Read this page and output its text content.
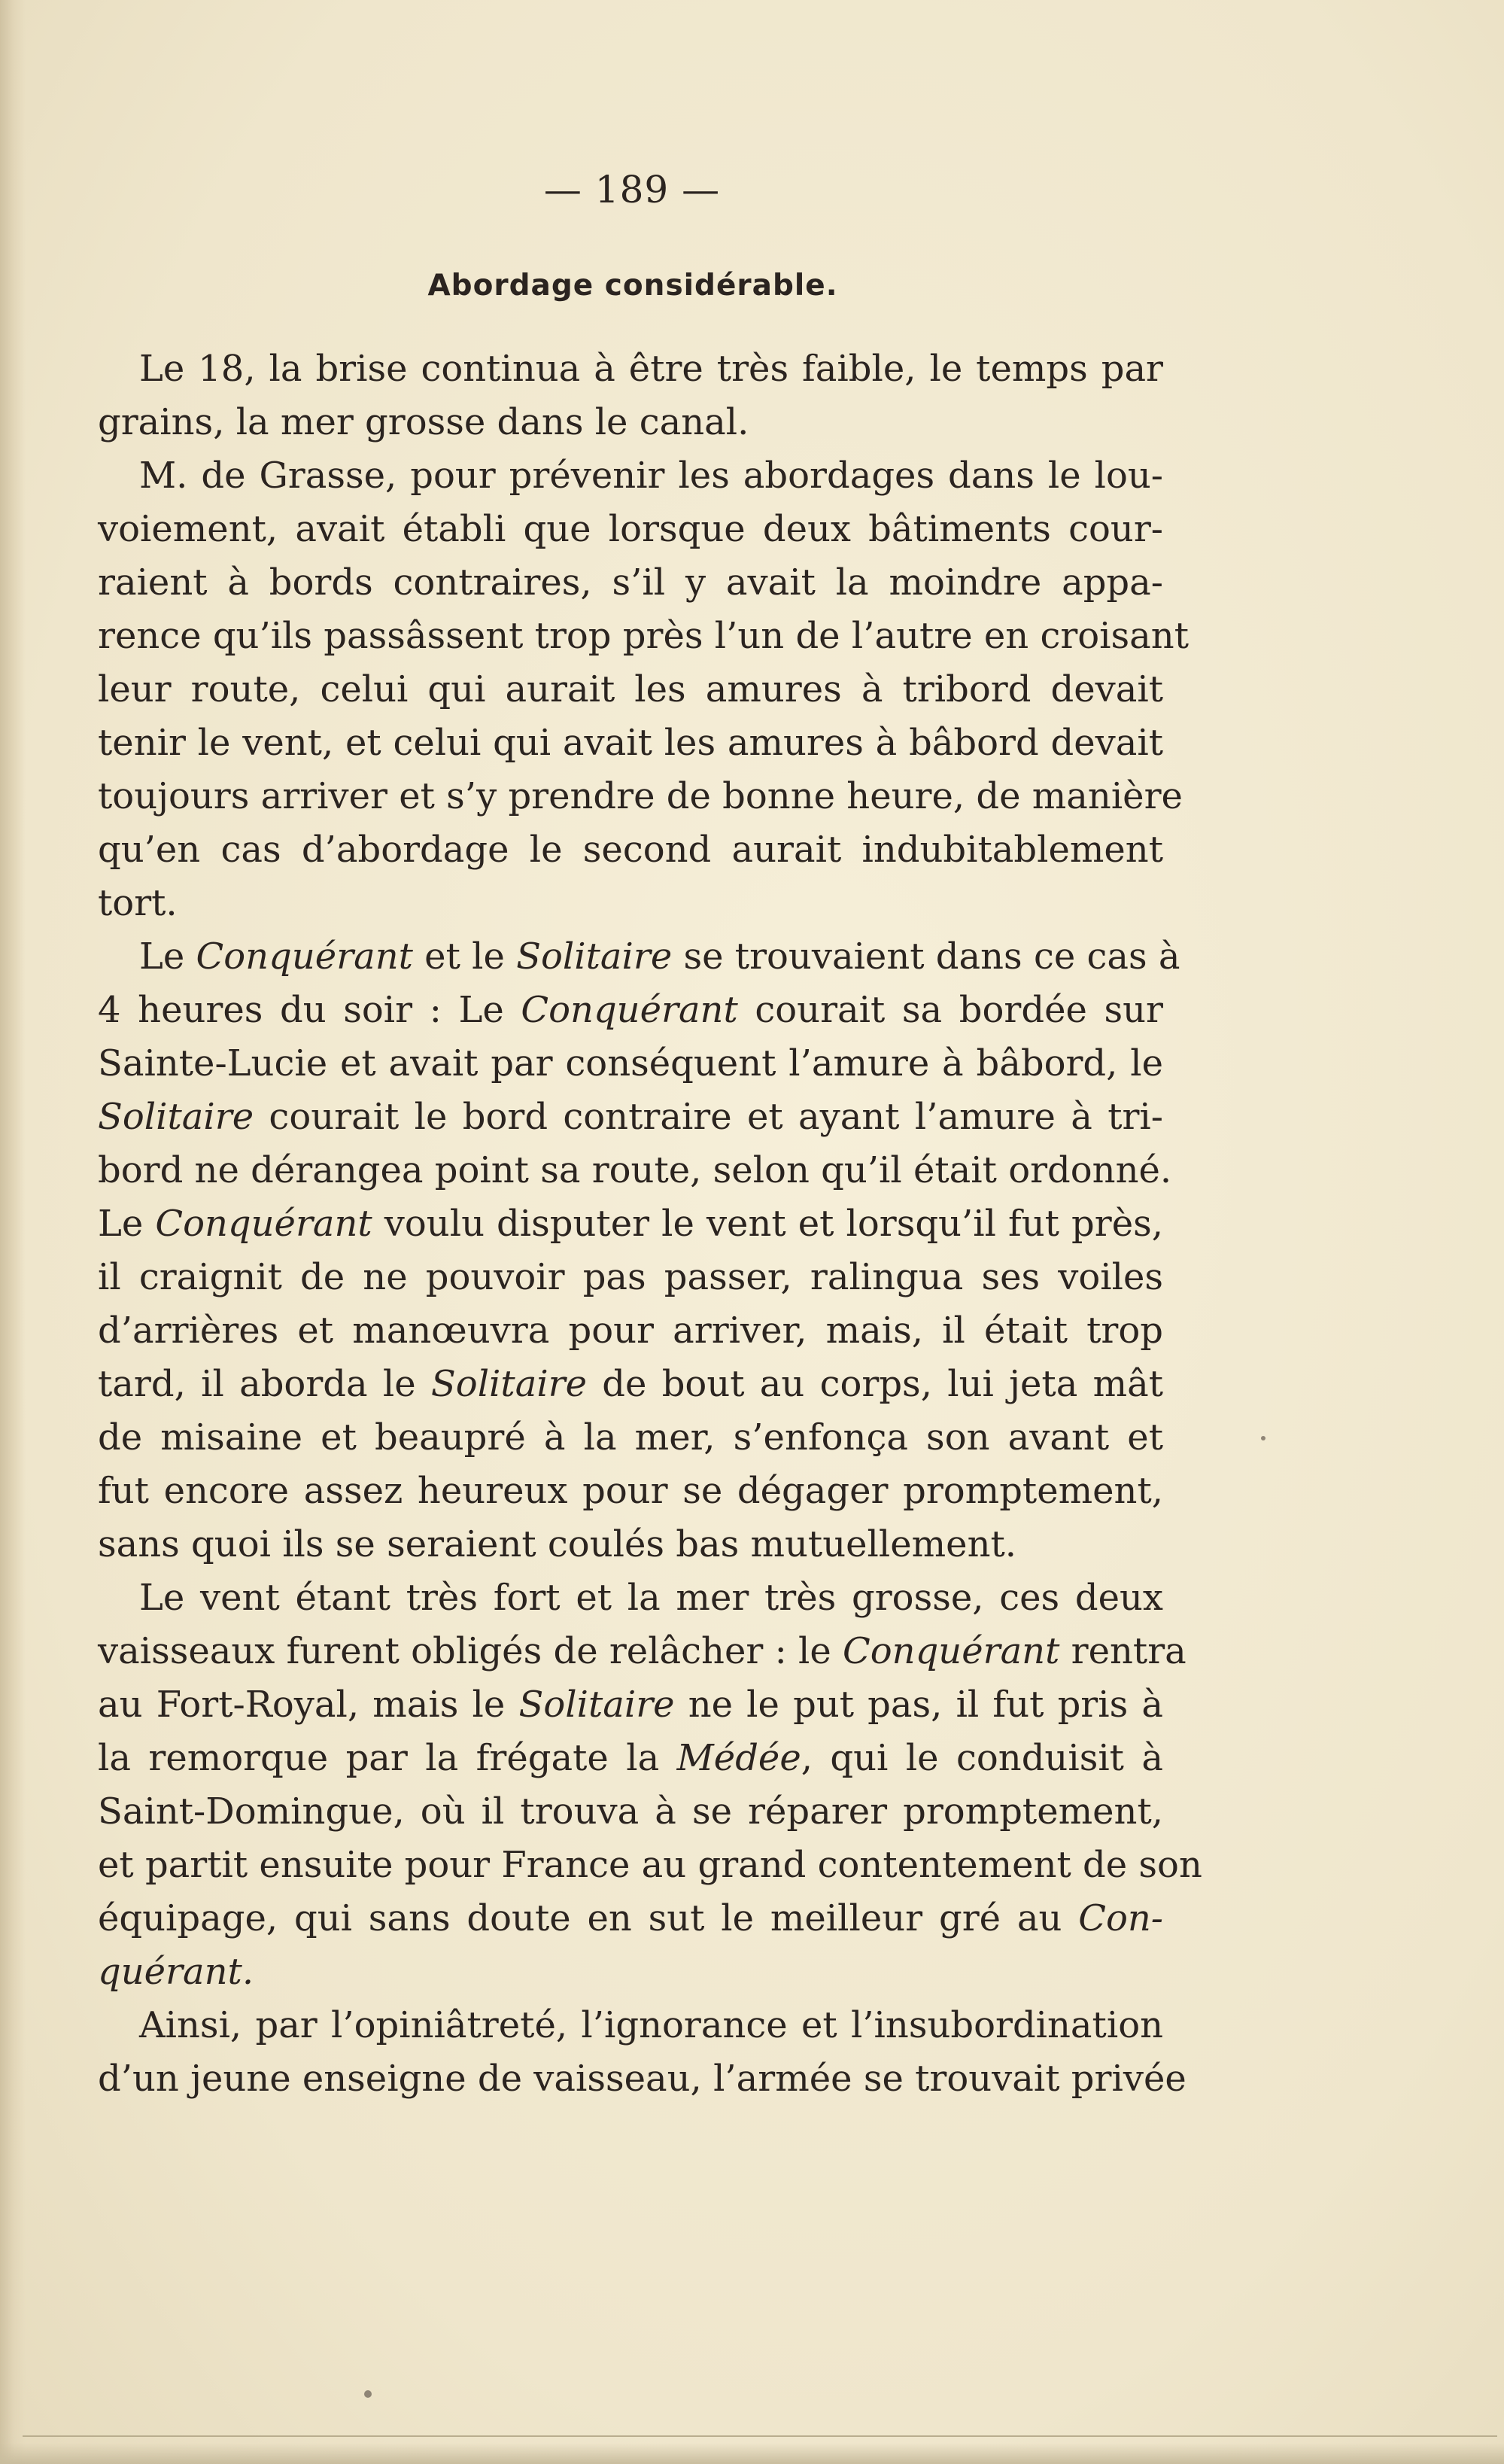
— 189 —
Abordage considérable.
Le 18, la brise continua à être très faible, le temps par
grains, la mer grosse dans le canal.
M. de Grasse, pour prévenir les abordages dans le lou-
voiement, avait établi que lorsque deux bâtiments cour-
raient à bords contraires, s’il y avait la moindre appa-
rence qu’ils passâssent trop près l’un de l’autre en croisant
leur route, celui qui aurait les amures à tribord devait
tenir le vent, et celui qui avait les amures à bâbord devait
toujours arriver et s’y prendre de bonne heure, de manière
qu’en cas d’abordage le second aurait indubitablement
tort.
Le Conquérant et le Solitaire se trouvaient dans ce cas à
4 heures du soir : Le Conquérant courait sa bordée sur
Sainte-Lucie et avait par conséquent l’amure à bâbord, le
Solitaire courait le bord contraire et ayant l’amure à tri-
bord ne dérangea point sa route, selon qu’il était ordonné.
Le Conquérant voulu disputer le vent et lorsqu’il fut près,
il craignit de ne pouvoir pas passer, ralingua ses voiles
d’arrières et manœuvra pour arriver, mais, il était trop
tard, il aborda le Solitaire de bout au corps, lui jeta mât
de misaine et beaupré à la mer, s’enfonça son avant et
fut encore assez heureux pour se dégager promptement,
sans quoi ils se seraient coulés bas mutuellement.
Le vent étant très fort et la mer très grosse, ces deux
vaisseaux furent obligés de relâcher : le Conquérant rentra
au Fort-Royal, mais le Solitaire ne le put pas, il fut pris à
la remorque par la frégate la Médée, qui le conduisit à
Saint-Domingue, où il trouva à se réparer promptement,
et partit ensuite pour France au grand contentement de son
équipage, qui sans doute en sut le meilleur gré au Con-
quérant.
Ainsi, par l’opiniâtreté, l’ignorance et l’insubordination
d’un jeune enseigne de vaisseau, l’armée se trouvait privée
